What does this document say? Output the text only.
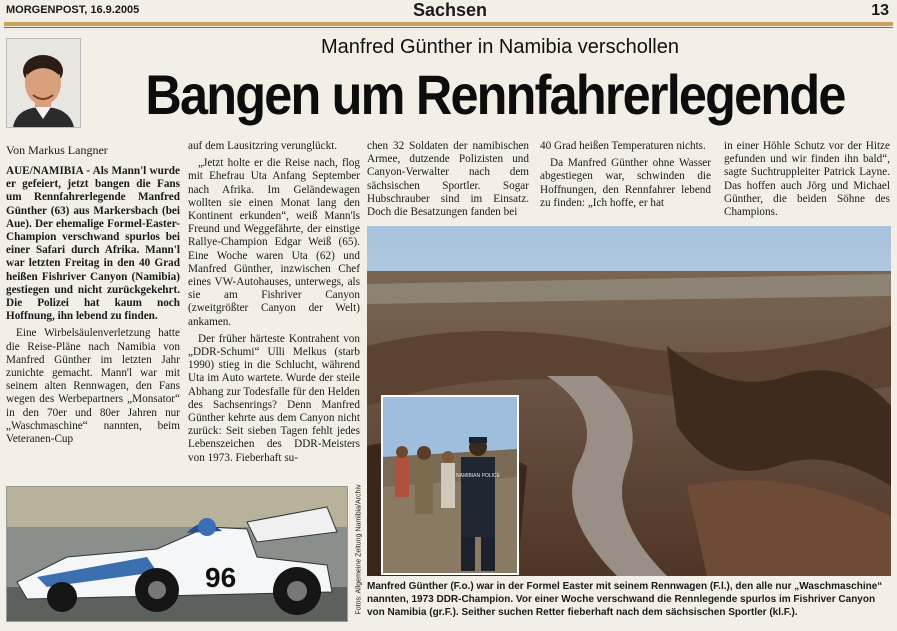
MORGENPOST, 16.9.2005	Sachsen	13
Manfred Günther in Namibia verschollen
Bangen um Rennfahrerlegende
Von Markus Langner

AUE/NAMIBIA - Als Mann'l wurde er gefeiert, jetzt bangen die Fans um Rennfahrerlegende Manfred Günther (63) aus Markersbach (bei Aue). Der ehemalige Formel-Easter-Champion verschwand spurlos bei einer Safari durch Afrika. Mann'l war letzten Freitag in den 40 Grad heißen Fishriver Canyon (Namibia) gestiegen und nicht zurückgekehrt. Die Polizei hat kaum noch Hoffnung, ihn lebend zu finden.

Eine Wirbelsäulenverletzung hatte die Reise-Pläne nach Namibia von Manfred Günther im letzten Jahr zunichte gemacht. Mann'l war mit seinem alten Rennwagen, den Fans wegen des Werbepartners „Monsator“ in den 70er und 80er Jahren nur „Waschmaschine“ nannten, beim Veteranen-Cup

auf dem Lausitzring verunglückt.

„Jetzt holte er die Reise nach, flog mit Ehefrau Uta Anfang September nach Afrika. Im Geländewagen wollten sie einen Monat lang den Kontinent erkunden“, weiß Mann'ls Freund und Weggefährte, der einstige Rallye-Champion Edgar Weiß (65). Eine Woche waren Uta (62) und Manfred Günther, inzwischen Chef eines VW-Autohauses, unterwegs, als sie am Fishriver Canyon (zweitgrößter Canyon der Welt) ankamen.

Der früher härteste Kontrahent von „DDR-Schumi“ Ulli Melkus (starb 1990) stieg in die Schlucht, während Uta im Auto wartete. Wurde der steile Abhang zur Todesfalle für den Helden des Sachsenrings? Denn Manfred Günther kehrte aus dem Canyon nicht zurück: Seit sieben Tagen fehlt jedes Lebenszeichen des DDR-Meisters von 1973. Fieberhaft su-

chen 32 Soldaten der namibischen Armee, dutzende Polizisten und Canyon-Verwalter nach dem sächsischen Sportler. Sogar Hubschrauber sind im Einsatz. Doch die Besatzungen fanden bei

40 Grad heißen Temperaturen nichts.

Da Manfred Günther ohne Wasser abgestiegen war, schwinden die Hoffnungen, den Rennfahrer lebend zu finden: „Ich hoffe, er hat

in einer Höhle Schutz vor der Hitze gefunden und wir finden ihn bald“, sagte Suchtruppleiter Patrick Layne. Das hoffen auch Jörg und Michael Günther, die beiden Söhne des Champions.

96	Fotos: Allgemeine Zeitung Namibia/Archiv
NAMIBIAN POLICE
Manfred Günther (F.o.) war in der Formel Easter mit seinem Rennwagen (F.l.), den alle nur „Waschmaschine“ nannten, 1973 DDR-Champion. Vor einer Woche verschwand die Rennlegende spurlos im Fishriver Canyon von Namibia (gr.F.). Seither suchen Retter fieberhaft nach dem sächsischen Sportler (kl.F.).
